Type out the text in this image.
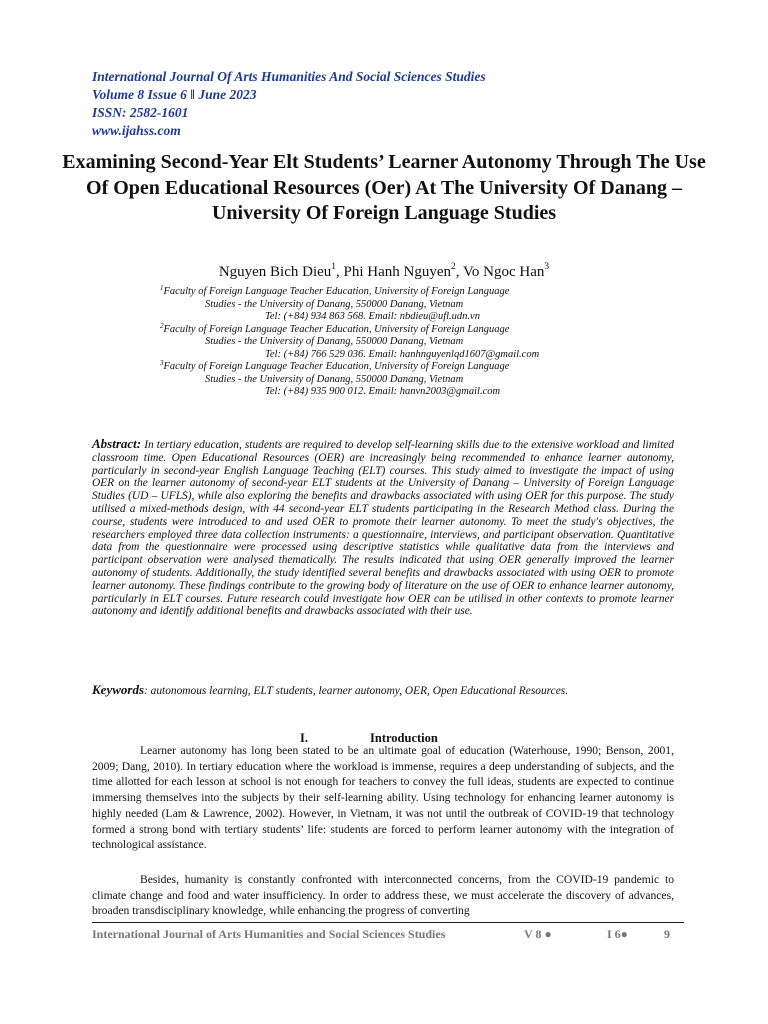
International Journal Of Arts Humanities And Social Sciences Studies
Volume 8 Issue 6 ‖ June 2023
ISSN: 2582-1601
www.ijahss.com
Examining Second-Year Elt Students’ Learner Autonomy Through The Use Of Open Educational Resources (Oer) At The University Of Danang – University Of Foreign Language Studies
Nguyen Bich Dieu$^1$, Phi Hanh Nguyen$^2$, Vo Ngoc Han$^3$
$^1$Faculty of Foreign Language Teacher Education, University of Foreign Language
Studies - the University of Danang, 550000 Danang, Vietnam
Tel: (+84) 934 863 568. Email: nbdieu@ufl.udn.vn
$^2$Faculty of Foreign Language Teacher Education, University of Foreign Language
Studies - the University of Danang, 550000 Danang, Vietnam
Tel: (+84) 766 529 036. Email: hanhnguyenlqd1607@gmail.com
$^3$Faculty of Foreign Language Teacher Education, University of Foreign Language
Studies - the University of Danang, 550000 Danang, Vietnam
Tel: (+84) 935 900 012. Email: hanvn2003@gmail.com
Abstract: In tertiary education, students are required to develop self-learning skills due to the extensive workload and limited classroom time. Open Educational Resources (OER) are increasingly being recommended to enhance learner autonomy, particularly in second-year English Language Teaching (ELT) courses. This study aimed to investigate the impact of using OER on the learner autonomy of second-year ELT students at the University of Danang – University of Foreign Language Studies (UD – UFLS), while also exploring the benefits and drawbacks associated with using OER for this purpose. The study utilised a mixed-methods design, with 44 second-year ELT students participating in the Research Method class. During the course, students were introduced to and used OER to promote their learner autonomy. To meet the study's objectives, the researchers employed three data collection instruments: a questionnaire, interviews, and participant observation. Quantitative data from the questionnaire were processed using descriptive statistics while qualitative data from the interviews and participant observation were analysed thematically. The results indicated that using OER generally improved the learner autonomy of students. Additionally, the study identified several benefits and drawbacks associated with using OER to promote learner autonomy. These findings contribute to the growing body of literature on the use of OER to enhance learner autonomy, particularly in ELT courses. Future research could investigate how OER can be utilised in other contexts to promote learner autonomy and identify additional benefits and drawbacks associated with their use.
Keywords: autonomous learning, ELT students, learner autonomy, OER, Open Educational Resources.
I.	Introduction

Learner autonomy has long been stated to be an ultimate goal of education (Waterhouse, 1990; Benson, 2001, 2009; Dang, 2010). In tertiary education where the workload is immense, requires a deep understanding of subjects, and the time allotted for each lesson at school is not enough for teachers to convey the full ideas, students are expected to continue immersing themselves into the subjects by their self-learning ability. Using technology for enhancing learner autonomy is highly needed (Lam & Lawrence, 2002). However, in Vietnam, it was not until the outbreak of COVID-19 that technology formed a strong bond with tertiary students’ life: students are forced to perform learner autonomy with the integration of technological assistance.

Besides, humanity is constantly confronted with interconnected concerns, from the COVID-19 pandemic to climate change and food and water insufficiency. In order to address these, we must accelerate the discovery of advances, broaden transdisciplinary knowledge, while enhancing the progress of converting

International Journal of Arts Humanities and Social Sciences Studies	V 8 ●	I 6●	9
